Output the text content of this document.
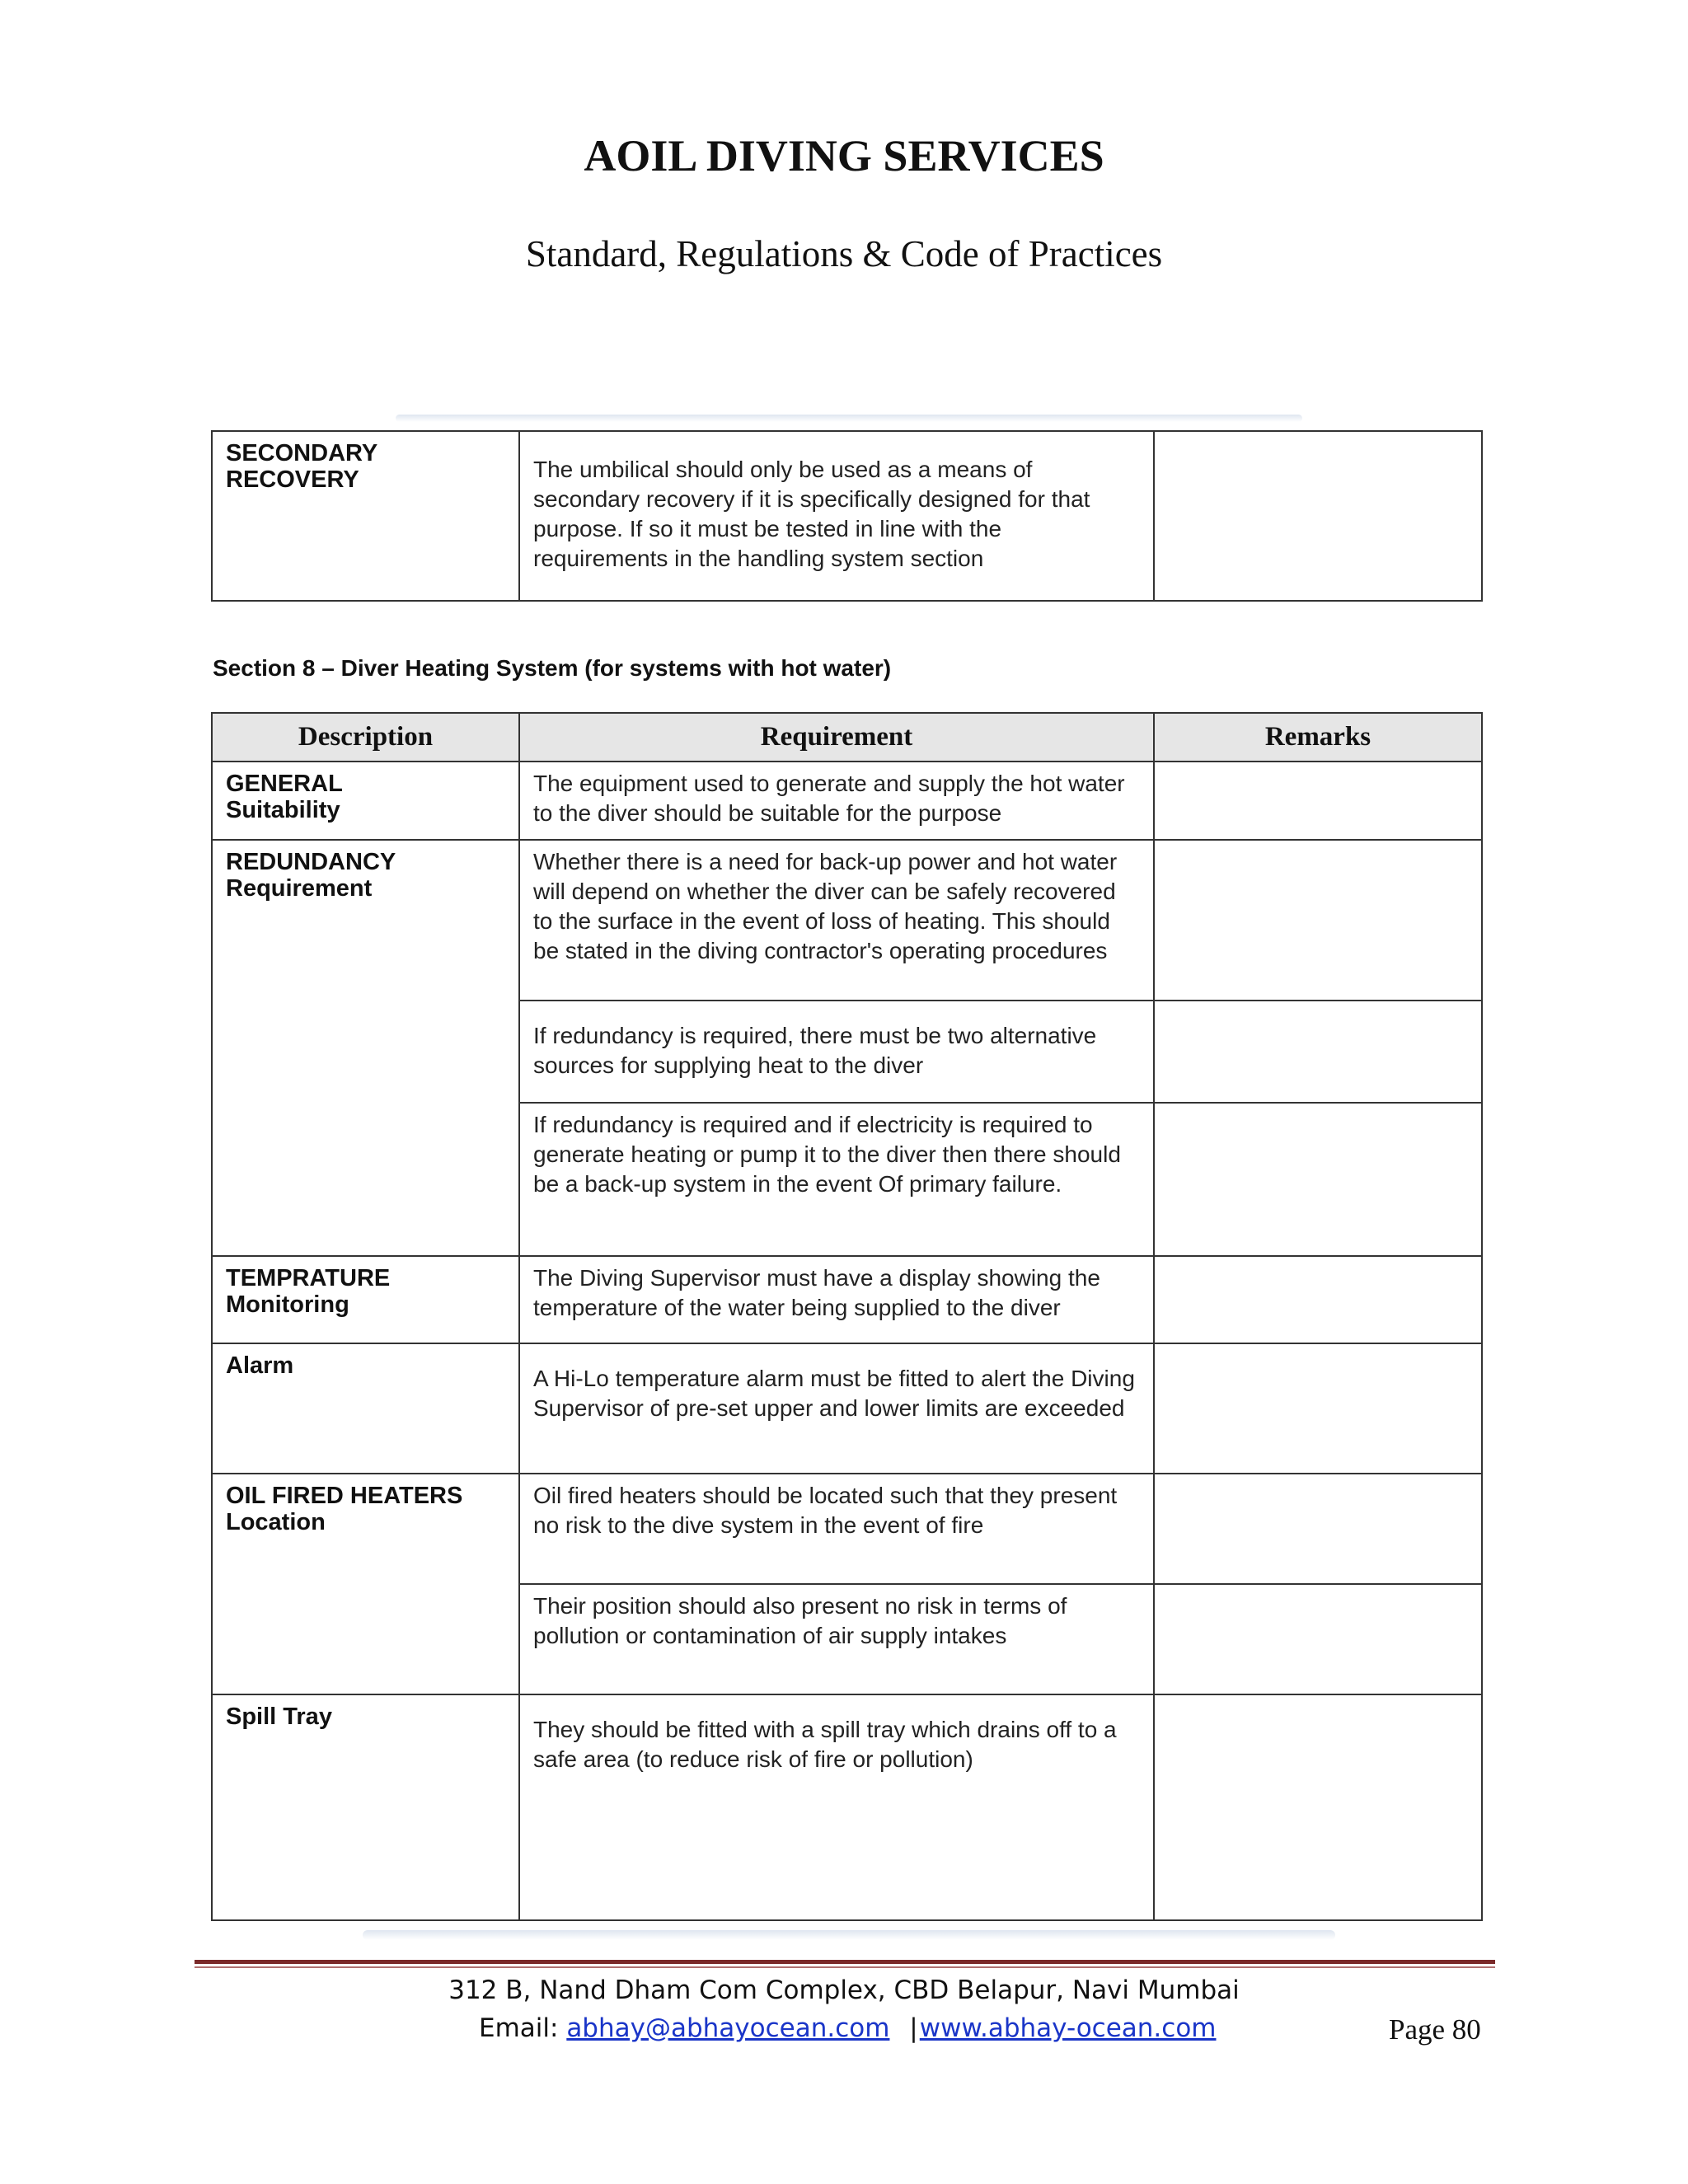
AOIL DIVING SERVICES
Standard, Regulations & Code of Practices
SECONDARY
RECOVERY	The umbilical should only be used as a means of secondary recovery if it is specifically designed for that purpose. If so it must be tested in line with the requirements in the handling system section

Section 8 – Diver Heating System (for systems with hot water)
Description	Requirement	Remarks

GENERAL
Suitability	The equipment used to generate and supply the hot water to the diver should be suitable for the purpose	

REDUNDANCY
Requirement	Whether there is a need for back-up power and hot water will depend on whether the diver can be safely recovered to the surface in the event of loss of heating. This should be stated in the diving contractor's operating procedures	

	If redundancy is required, there must be two alternative sources for supplying heat to the diver	

	If redundancy is required and if electricity is required to generate heating or pump it to the diver then there should be a back-up system in the event Of primary failure.	

TEMPRATURE
Monitoring	The Diving Supervisor must have a display showing the temperature of the water being supplied to the diver	

Alarm	A Hi-Lo temperature alarm must be fitted to alert the Diving Supervisor of pre-set upper and lower limits are exceeded	

OIL FIRED HEATERS
Location	Oil fired heaters should be located such that they present no risk to the dive system in the event of fire	

	Their position should also present no risk in terms of pollution or contamination of air supply intakes	

Spill Tray	They should be fitted with a spill tray which drains off to a safe area (to reduce risk of fire or pollution)	

312 B, Nand Dham Com Complex, CBD Belapur, Navi Mumbai
Email: abhay@abhayocean.com |www.abhay-ocean.com	Page 80
